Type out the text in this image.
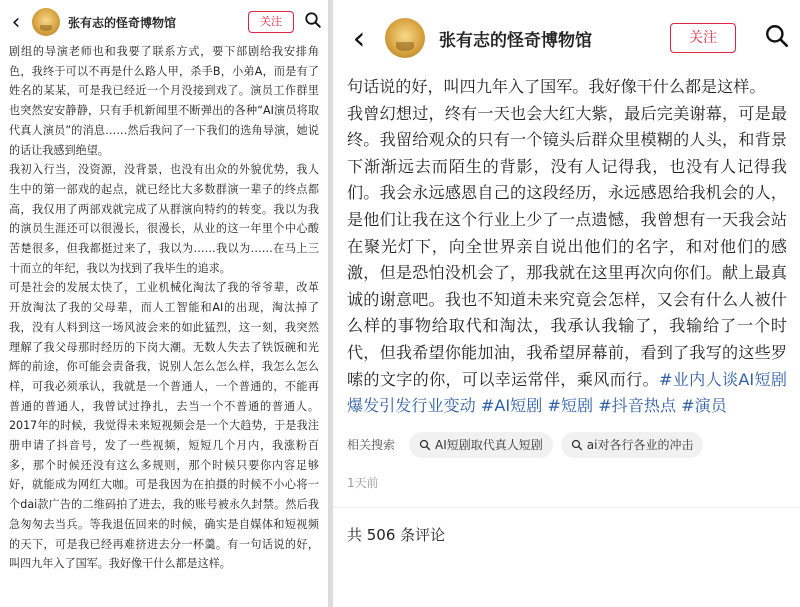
‹	张有志的怪奇博物馆	关注

剧组的导演老师也和我要了联系方式，要下部剧给我安排角色，我终于可以不再是什么路人甲，杀手B，小弟A，而是有了姓名的某某，可是我已经近一个月没接到戏了。演员工作群里也突然安安静静，只有手机新闻里不断弹出的各种“AI演员将取代真人演员”的消息……然后我问了一下我们的选角导演，她说的话让我感到绝望。

我初入行当，没资源，没背景，也没有出众的外貌优势，我人生中的第一部戏的起点，就已经比大多数群演一辈子的终点都高，我仅用了两部戏就完成了从群演向特约的转变。我以为我的演员生涯还可以很漫长，很漫长，从业的这一年里个中心酸苦楚很多，但我都挺过来了，我以为……我以为……在马上三十而立的年纪，我以为找到了我毕生的追求。

可是社会的发展太快了，工业机械化淘汰了我的爷爷辈，改革开放淘汰了我的父母辈，而人工智能和AI的出现，淘汰掉了我，没有人料到这一场风波会来的如此猛烈，这一刻，我突然理解了我父母那时经历的下岗大潮。无数人失去了铁饭碗和光辉的前途，你可能会责备我，说别人怎么怎么样，我怎么怎么样，可我必须承认，我就是一个普通人，一个普通的，不能再普通的普通人，我曾试过挣扎，去当一个不普通的普通人。2017年的时候，我觉得未来短视频会是一个大趋势，于是我注册申请了抖音号，发了一些视频，短短几个月内，我涨粉百多，那个时候还没有这么多规则，那个时候只要你内容足够好，就能成为网红大咖。可是我因为在拍摄的时候不小心将一个dai款广告的二维码拍了进去，我的账号被永久封禁。然后我急匆匆去当兵。等我退伍回来的时候，确实是自媒体和短视频的天下，可是我已经再难挤进去分一杯羹。有一句话说的好，叫四九年入了国军。我好像干什么都是这样。

‹	张有志的怪奇博物馆	关注

句话说的好，叫四九年入了国军。我好像干什么都是这样。

我曾幻想过，终有一天也会大红大紫，最后完美谢幕，可是最终。我留给观众的只有一个镜头后群众里模糊的人头，和背景下渐渐远去而陌生的背影，没有人记得我，也没有人记得我们。我会永远感恩自己的这段经历，永远感恩给我机会的人，是他们让我在这个行业上少了一点遗憾，我曾想有一天我会站在聚光灯下，向全世界亲自说出他们的名字，和对他们的感激，但是恐怕没机会了，那我就在这里再次向你们。献上最真诚的谢意吧。我也不知道未来究竟会怎样，又会有什么人被什么样的事物给取代和淘汰，我承认我输了，我输给了一个时代，但我希望你能加油，我希望屏幕前，看到了我写的这些罗嗦的文字的你，可以幸运常伴，乘风而行。#业内人谈AI短剧爆发引发行业变动 #AI短剧 #短剧 #抖音热点 #演员

相关搜索	AI短剧取代真人短剧	ai对各行各业的冲击
1天前
共 506 条评论
